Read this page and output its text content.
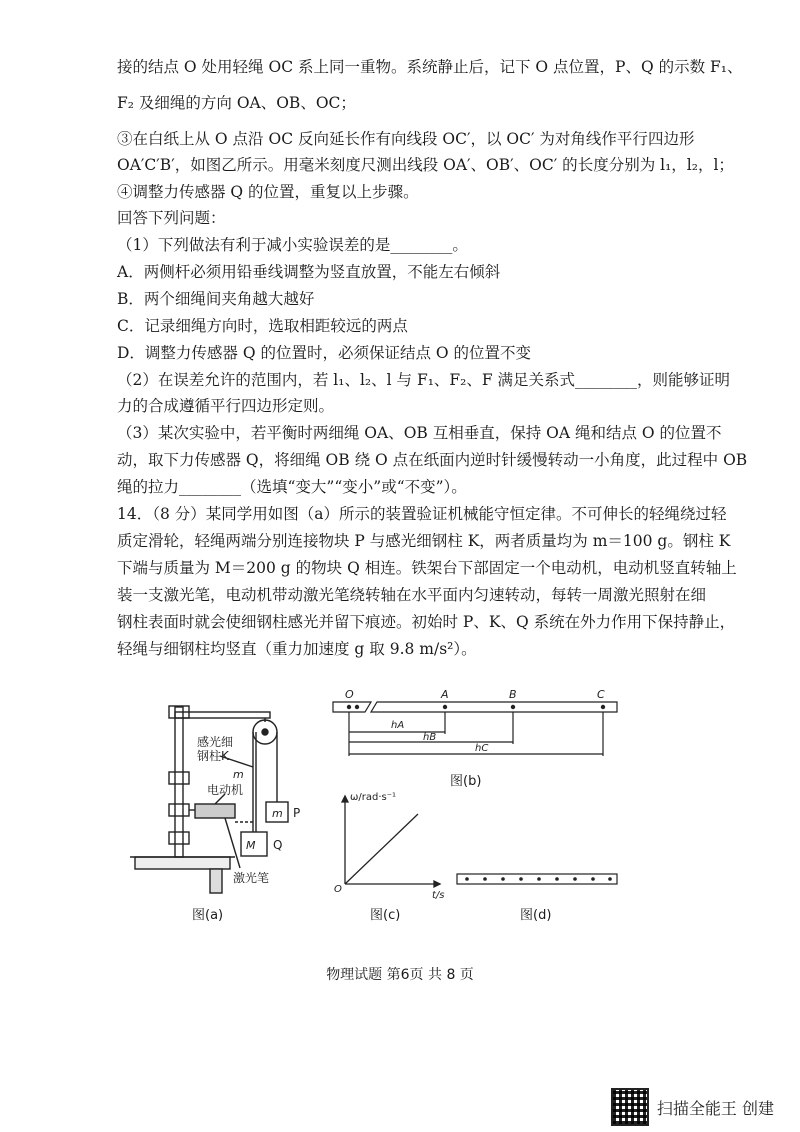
接的结点 O 处用轻绳 OC 系上同一重物。系统静止后，记下 O 点位置，P、Q 的示数 F₁、
F₂ 及细绳的方向 OA、OB、OC；
③在白纸上从 O 点沿 OC 反向延长作有向线段 OC′，以 OC′ 为对角线作平行四边形
OA′C′B′，如图乙所示。用毫米刻度尺测出线段 OA′、OB′、OC′ 的长度分别为 l₁，l₂，l；
④调整力传感器 Q 的位置，重复以上步骤。
回答下列问题：
（1）下列做法有利于减小实验误差的是________。
A．两侧杆必须用铅垂线调整为竖直放置，不能左右倾斜
B．两个细绳间夹角越大越好
C．记录细绳方向时，选取相距较远的两点
D．调整力传感器 Q 的位置时，必须保证结点 O 的位置不变
（2）在误差允许的范围内，若 l₁、l₂、l 与 F₁、F₂、F 满足关系式________，则能够证明
力的合成遵循平行四边形定则。
（3）某次实验中，若平衡时两细绳 OA、OB 互相垂直，保持 OA 绳和结点 O 的位置不
动，取下力传感器 Q，将细绳 OB 绕 O 点在纸面内逆时针缓慢转动一小角度，此过程中 OB
绳的拉力________（选填“变大”“变小”或“不变”）。
14．（8 分）某同学用如图（a）所示的装置验证机械能守恒定律。不可伸长的轻绳绕过轻
质定滑轮，轻绳两端分别连接物块 P 与感光细钢柱 K，两者质量均为 m＝100 g。钢柱 K
下端与质量为 M＝200 g 的物块 Q 相连。铁架台下部固定一个电动机，电动机竖直转轴上
装一支激光笔，电动机带动激光笔绕转轴在水平面内匀速转动，每转一周激光照射在细
钢柱表面时就会使细钢柱感光并留下痕迹。初始时 P、K、Q 系统在外力作用下保持静止，
轻绳与细钢柱均竖直（重力加速度 g 取 9.8 m/s²）。
感光细
钢柱K
m
电动机
m P
M Q
激光笔
图(a)
O	A	B	C
hA
hB
hC
图(b)
ω/rad·s⁻¹
t/s
O
图(c)	图(d)
物理试题 第6页 共 8 页
扫描全能王 创建
